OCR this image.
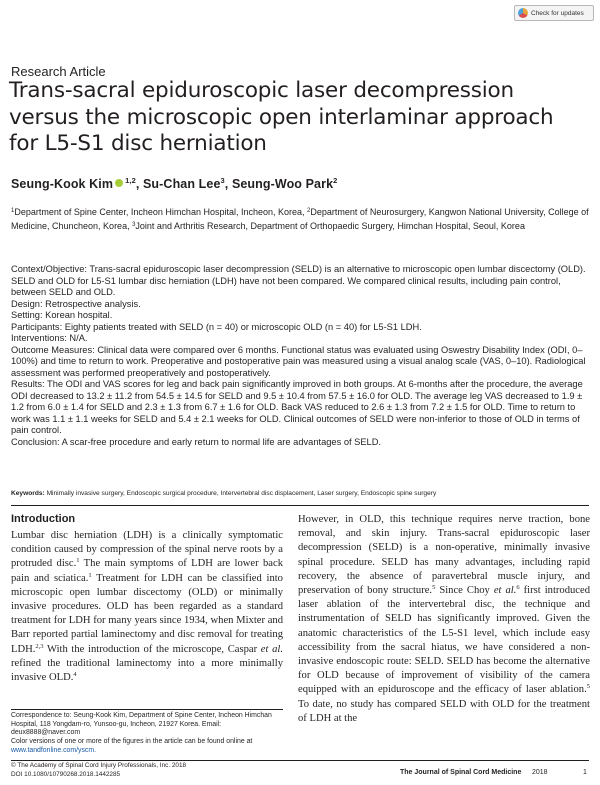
Check for updates
Research Article
Trans-sacral epiduroscopic laser decompression versus the microscopic open interlaminar approach for L5-S1 disc herniation
Seung-Kook Kim $^{1,2}$, Su-Chan Lee$^3$, Seung-Woo Park$^2$
$^1$Department of Spine Center, Incheon Himchan Hospital, Incheon, Korea, $^2$Department of Neurosurgery, Kangwon National University, College of Medicine, Chuncheon, Korea, $^3$Joint and Arthritis Research, Department of Orthopaedic Surgery, Himchan Hospital, Seoul, Korea

Context/Objective: Trans-sacral epiduroscopic laser decompression (SELD) is an alternative to microscopic open lumbar discectomy (OLD). SELD and OLD for L5-S1 lumbar disc herniation (LDH) have not been compared. We compared clinical results, including pain control, between SELD and OLD.

Design: Retrospective analysis.

Setting: Korean hospital.

Participants: Eighty patients treated with SELD (n = 40) or microscopic OLD (n = 40) for L5-S1 LDH.

Interventions: N/A.

Outcome Measures: Clinical data were compared over 6 months. Functional status was evaluated using Oswestry Disability Index (ODI, 0–100%) and time to return to work. Preoperative and postoperative pain was measured using a visual analog scale (VAS, 0–10). Radiological assessment was performed preoperatively and postoperatively.

Results: The ODI and VAS scores for leg and back pain significantly improved in both groups. At 6-months after the procedure, the average ODI decreased to 13.2 ± 11.2 from 54.5 ± 14.5 for SELD and 9.5 ± 10.4 from 57.5 ± 16.0 for OLD. The average leg VAS decreased to 1.9 ± 1.2 from 6.0 ± 1.4 for SELD and 2.3 ± 1.3 from 6.7 ± 1.6 for OLD. Back VAS reduced to 2.6 ± 1.3 from 7.2 ± 1.5 for OLD. Time to return to work was 1.1 ± 1.1 weeks for SELD and 5.4 ± 2.1 weeks for OLD. Clinical outcomes of SELD were non-inferior to those of OLD in terms of pain control.

Conclusion: A scar-free procedure and early return to normal life are advantages of SELD.

Keywords: Minimally invasive surgery, Endoscopic surgical procedure, Intervertebral disc displacement, Laser surgery, Endoscopic spine surgery
Introduction
Lumbar disc herniation (LDH) is a clinically symptomatic condition caused by compression of the spinal nerve roots by a protruded disc.$^1$ The main symptoms of LDH are lower back pain and sciatica.$^1$ Treatment for LDH can be classified into microscopic open lumbar discectomy (OLD) or minimally invasive procedures. OLD has been regarded as a standard treatment for LDH for many years since 1934, when Mixter and Barr reported partial laminectomy and disc removal for treating LDH.$^{2,3}$ With the introduction of the microscope, Caspar et al. refined the traditional laminectomy into a more minimally invasive OLD.$^4$
However, in OLD, this technique requires nerve traction, bone removal, and skin injury. Trans-sacral epiduroscopic laser decompression (SELD) is a non-operative, minimally invasive spinal procedure. SELD has many advantages, including rapid recovery, the absence of paravertebral muscle injury, and preservation of bony structure.$^5$ Since Choy et al.$^6$ first introduced laser ablation of the intervertebral disc, the technique and instrumentation of SELD has significantly improved. Given the anatomic characteristics of the L5-S1 level, which include easy accessibility from the sacral hiatus, we have considered a non-invasive endoscopic route: SELD. SELD has become the alternative for OLD because of improvement of visibility of the camera equipped with an epiduroscope and the efficacy of laser ablation.$^5$ To date, no study has compared SELD with OLD for the treatment of LDH at the
Correspondence to: Seung-Kook Kim, Department of Spine Center, Incheon Himchan Hospital, 118 Yongdam-ro, Yunsoo-gu, Incheon, 21927 Korea. Email: deux8888@naver.com
Color versions of one or more of the figures in the article can be found online at www.tandfonline.com/yscm.
© The Academy of Spinal Cord Injury Professionals, Inc. 2018
DOI 10.1080/10790268.2018.1442285	The Journal of Spinal Cord Medicine 2018	1
